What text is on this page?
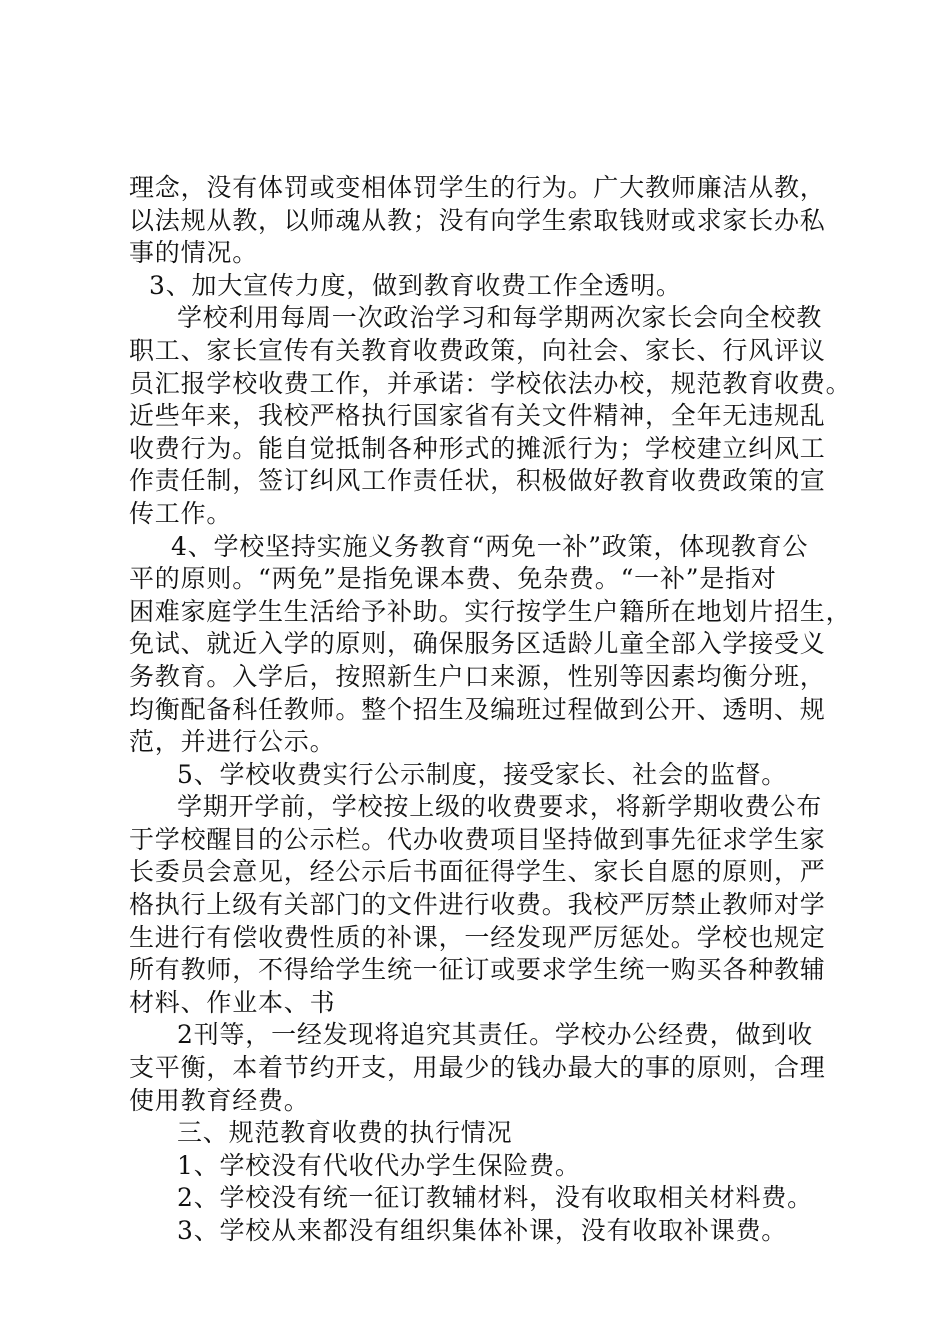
理念，没有体罚或变相体罚学生的行为。广大教师廉洁从教，
以法规从教，以师魂从教；没有向学生索取钱财或求家长办私
事的情况。
3、加大宣传力度，做到教育收费工作全透明。
学校利用每周一次政治学习和每学期两次家长会向全校教
职工、家长宣传有关教育收费政策，向社会、家长、行风评议
员汇报学校收费工作，并承诺：学校依法办校，规范教育收费。
近些年来，我校严格执行国家省有关文件精神，全年无违规乱
收费行为。能自觉抵制各种形式的摊派行为；学校建立纠风工
作责任制，签订纠风工作责任状，积极做好教育收费政策的宣
传工作。
4、学校坚持实施义务教育“两免一补”政策，体现教育公
平的原则。“两免”是指免课本费、免杂费。“一补”是指对
困难家庭学生生活给予补助。实行按学生户籍所在地划片招生，
免试、就近入学的原则，确保服务区适龄儿童全部入学接受义
务教育。入学后，按照新生户口来源，性别等因素均衡分班，
均衡配备科任教师。整个招生及编班过程做到公开、透明、规
范，并进行公示。
5、学校收费实行公示制度，接受家长、社会的监督。
学期开学前，学校按上级的收费要求，将新学期收费公布
于学校醒目的公示栏。代办收费项目坚持做到事先征求学生家
长委员会意见，经公示后书面征得学生、家长自愿的原则，严
格执行上级有关部门的文件进行收费。我校严厉禁止教师对学
生进行有偿收费性质的补课，一经发现严厉惩处。学校也规定
所有教师，不得给学生统一征订或要求学生统一购买各种教辅
材料、作业本、书
2刊等，一经发现将追究其责任。学校办公经费，做到收
支平衡，本着节约开支，用最少的钱办最大的事的原则，合理
使用教育经费。
三、规范教育收费的执行情况
1、学校没有代收代办学生保险费。
2、学校没有统一征订教辅材料，没有收取相关材料费。
3、学校从来都没有组织集体补课，没有收取补课费。
